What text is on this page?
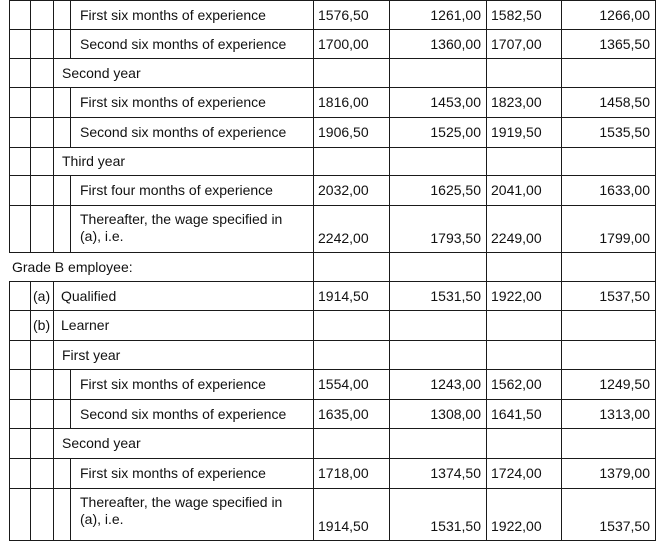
First six months of experience	1576,50	1261,00 1582,50	1266,00
Second six months of experience 1700,00	1360,00 1707,00	1365,50
Second year
First six months of experience	1816,00	1453,00 1823,00	1458,50
Second six months of experience 1906,50	1525,00 1919,50	1535,50
Third year
First four months of experience	2032,00	1625,50 2041,00	1633,00
Thereafter, the wage specified in
(a), i.e.	2242,00	1793,50 2249,00	1799,00
Grade B employee:
(a) Qualified	1914,50	1531,50 1922,00	1537,50
(b) Learner
First year
First six months of experience	1554,00	1243,00 1562,00	1249,50
Second six months of experience 1635,00	1308,00 1641,50	1313,00
Second year
First six months of experience	1718,00	1374,50 1724,00	1379,00
Thereafter, the wage specified in
(a), i.e.	1914,50	1531,50 1922,00	1537,50
